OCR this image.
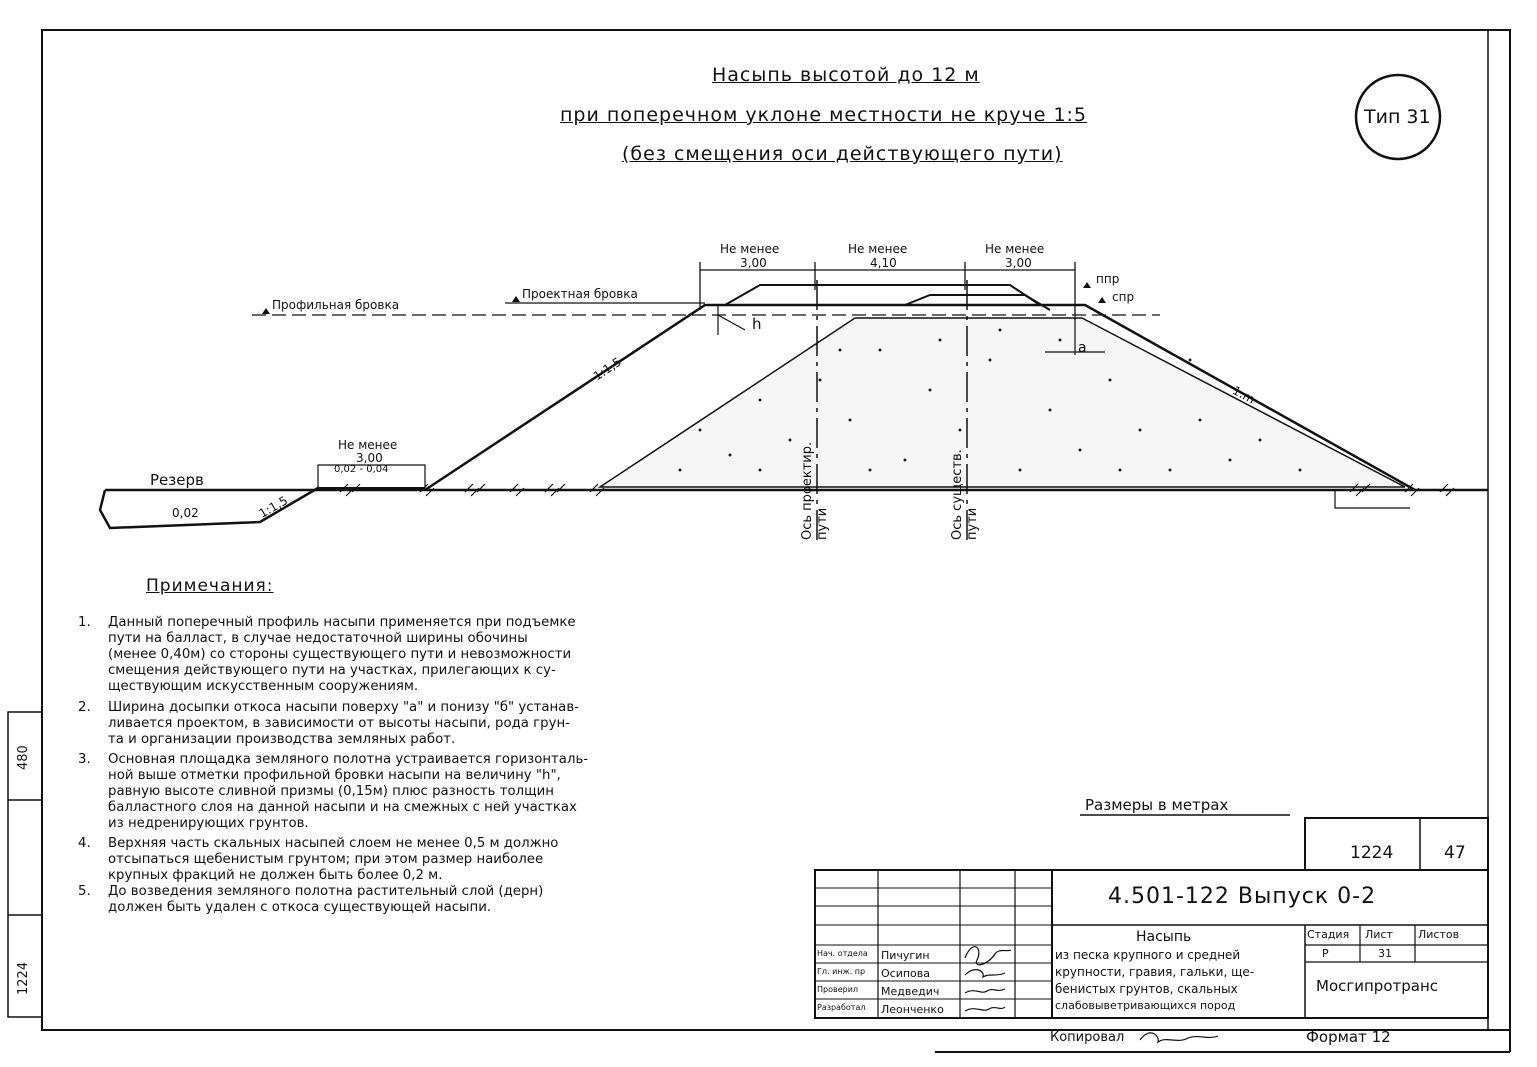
Насыпь высотой до 12 м
при поперечном уклоне местности не круче 1:5
(без смещения оси действующего пути)
Тип 31
Не менее
3,00
Не менее
4,10
Не менее
3,00
Профильная бровка
Проектная бровка
ппр
спр
1:1,5
1:m
1:1,5
h
a
Резерв
0,02
Не менее
3,00
0,02 - 0,04	Ось проектир. пути	Ось существ. пути
Примечания:
1. Данный поперечный профиль насыпи применяется при подъемке
пути на балласт, в случае недостаточной ширины обочины
(менее 0,40м) со стороны существующего пути и невозможности
смещения действующего пути на участках, прилегающих к су-
ществующим искусственным сооружениям.
2. Ширина досыпки откоса насыпи поверху "а" и понизу "б" устанав-
ливается проектом, в зависимости от высоты насыпи, рода грун-
та и организации производства земляных работ.
3. Основная площадка земляного полотна устраивается горизонталь-
ной выше отметки профильной бровки насыпи на величину "h",
равную высоте сливной призмы (0,15м) плюс разность толщин
балластного слоя на данной насыпи и на смежных с ней участках
из недренирующих грунтов.
4. Верхняя часть скальных насыпей слоем не менее 0,5 м должно
отсыпаться щебенистым грунтом; при этом размер наиболее
крупных фракций не должен быть более 0,2 м.
5. До возведения земляного полотна растительный слой (дерн)
должен быть удален с откоса существующей насыпи.
Размеры в метрах
1224	47
4.501-122 Выпуск 0-2
Насыпь
из песка крупного и средней
крупности, гравия, гальки, ще-
бенистых грунтов, скальных
слабовыветривающихся пород
Стадия Лист Листов
Р	31
Мосгипротранс
Нач. отдела Пичугин
Гл. инж. пр Осипова
Проверил Медведич
Разработал Леонченко
Копировал	Формат 12
480
1224
